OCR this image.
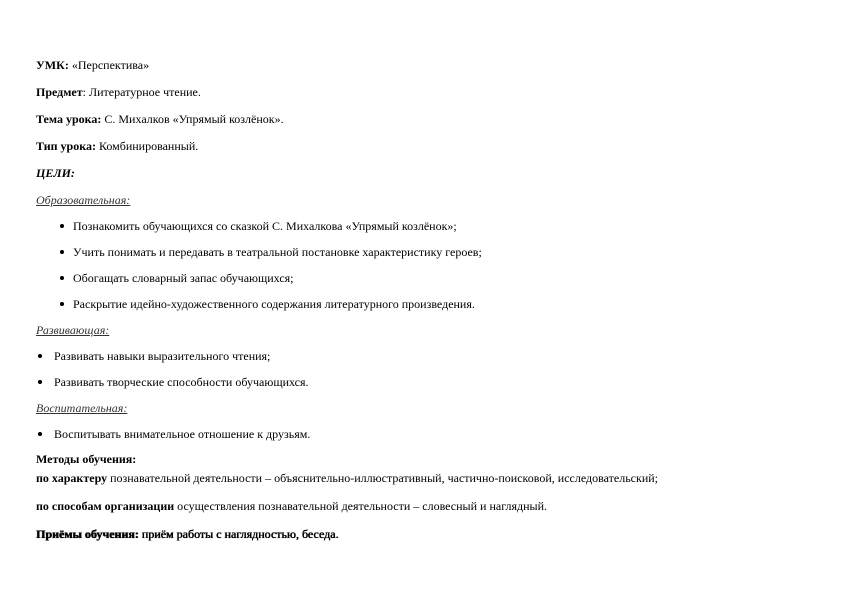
УМК: «Перспектива»
Предмет: Литературное чтение.
Тема урока: С. Михалков «Упрямый козлёнок».
Тип урока: Комбинированный.
ЦЕЛИ:
Образовательная:
Познакомить обучающихся со сказкой С. Михалкова «Упрямый козлёнок»;
Учить понимать и передавать в театральной постановке характеристику героев;
Обогащать словарный запас обучающихся;
Раскрытие идейно-художественного содержания литературного произведения.
Развивающая:
Развивать навыки выразительного чтения;
Развивать творческие способности обучающихся.
Воспитательная:
Воспитывать внимательное отношение к друзьям.
Методы обучения:
по характеру познавательной деятельности – объяснительно-иллюстративный, частично-поисковой, исследовательский;
по способам организации осуществления познавательной деятельности – словесный и наглядный.
Приёмы обучения: приём работы с наглядностью, беседа.
